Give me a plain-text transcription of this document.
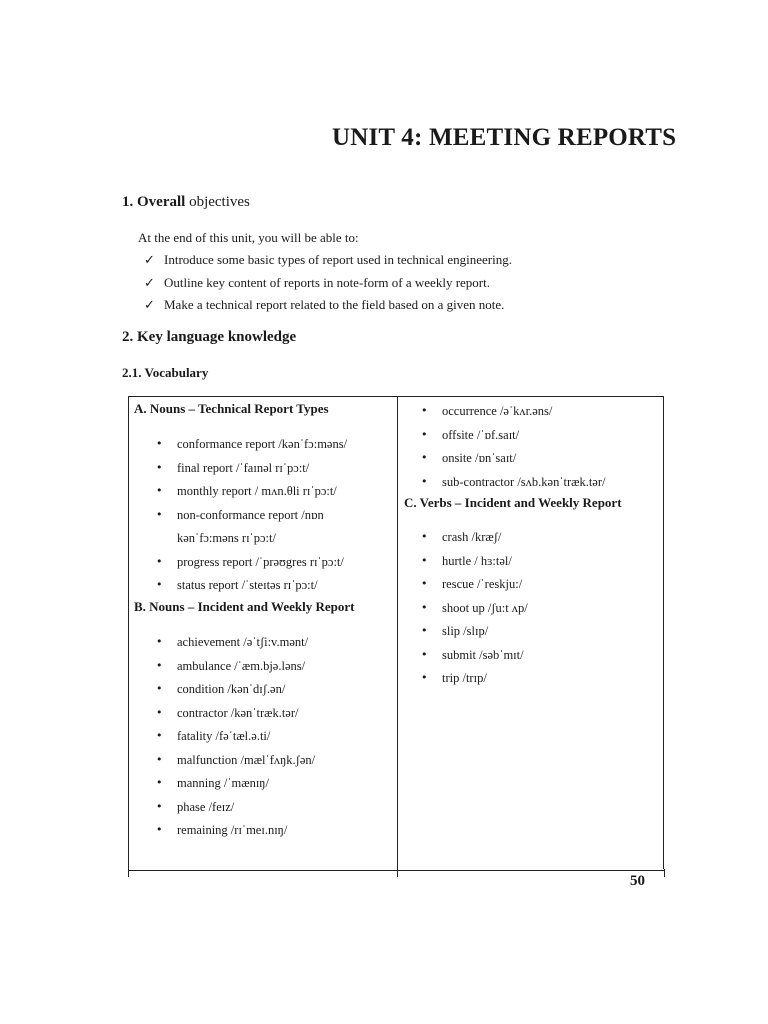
UNIT 4: MEETING REPORTS
1. Overall objectives
At the end of this unit, you will be able to:
✓ Introduce some basic types of report used in technical engineering.
✓ Outline key content of reports in note-form of a weekly report.
✓ Make a technical report related to the field based on a given note.
2. Key language knowledge
2.1. Vocabulary
A. Nouns – Technical Report Types
• conformance report /kənˈfɔ:məns/
• final report /ˈfaɪnəl rɪˈpɔ:t/
• monthly report / mʌn.θli rɪˈpɔ:t/
• non-conformance report /nɒn
kənˈfɔ:məns rɪˈpɔ:t/
• progress report /ˈprəʊgres rɪˈpɔ:t/
• status report /ˈsteɪtəs rɪˈpɔ:t/
B. Nouns – Incident and Weekly Report
• achievement /əˈtʃi:v.mənt/
• ambulance /ˈæm.bjə.ləns/
• condition /kənˈdɪʃ.ən/
• contractor /kənˈtræk.tər/
• fatality /fəˈtæl.ə.ti/
• malfunction /mælˈfʌŋk.ʃən/
• manning /ˈmænɪŋ/
• phase /feɪz/
• remaining /rɪˈmeɪ.nɪŋ/
• occurrence /əˈkʌr.əns/
• offsite /ˈɒf.saɪt/
• onsite /ɒnˈsaɪt/
• sub-contractor /sʌb.kənˈtræk.tər/
C. Verbs – Incident and Weekly Report
• crash /kræʃ/
• hurtle / hɜ:təl/
• rescue /ˈreskju:/
• shoot up /ʃu:t ʌp/
• slip /slɪp/
• submit /səbˈmɪt/
• trip /trɪp/
50
